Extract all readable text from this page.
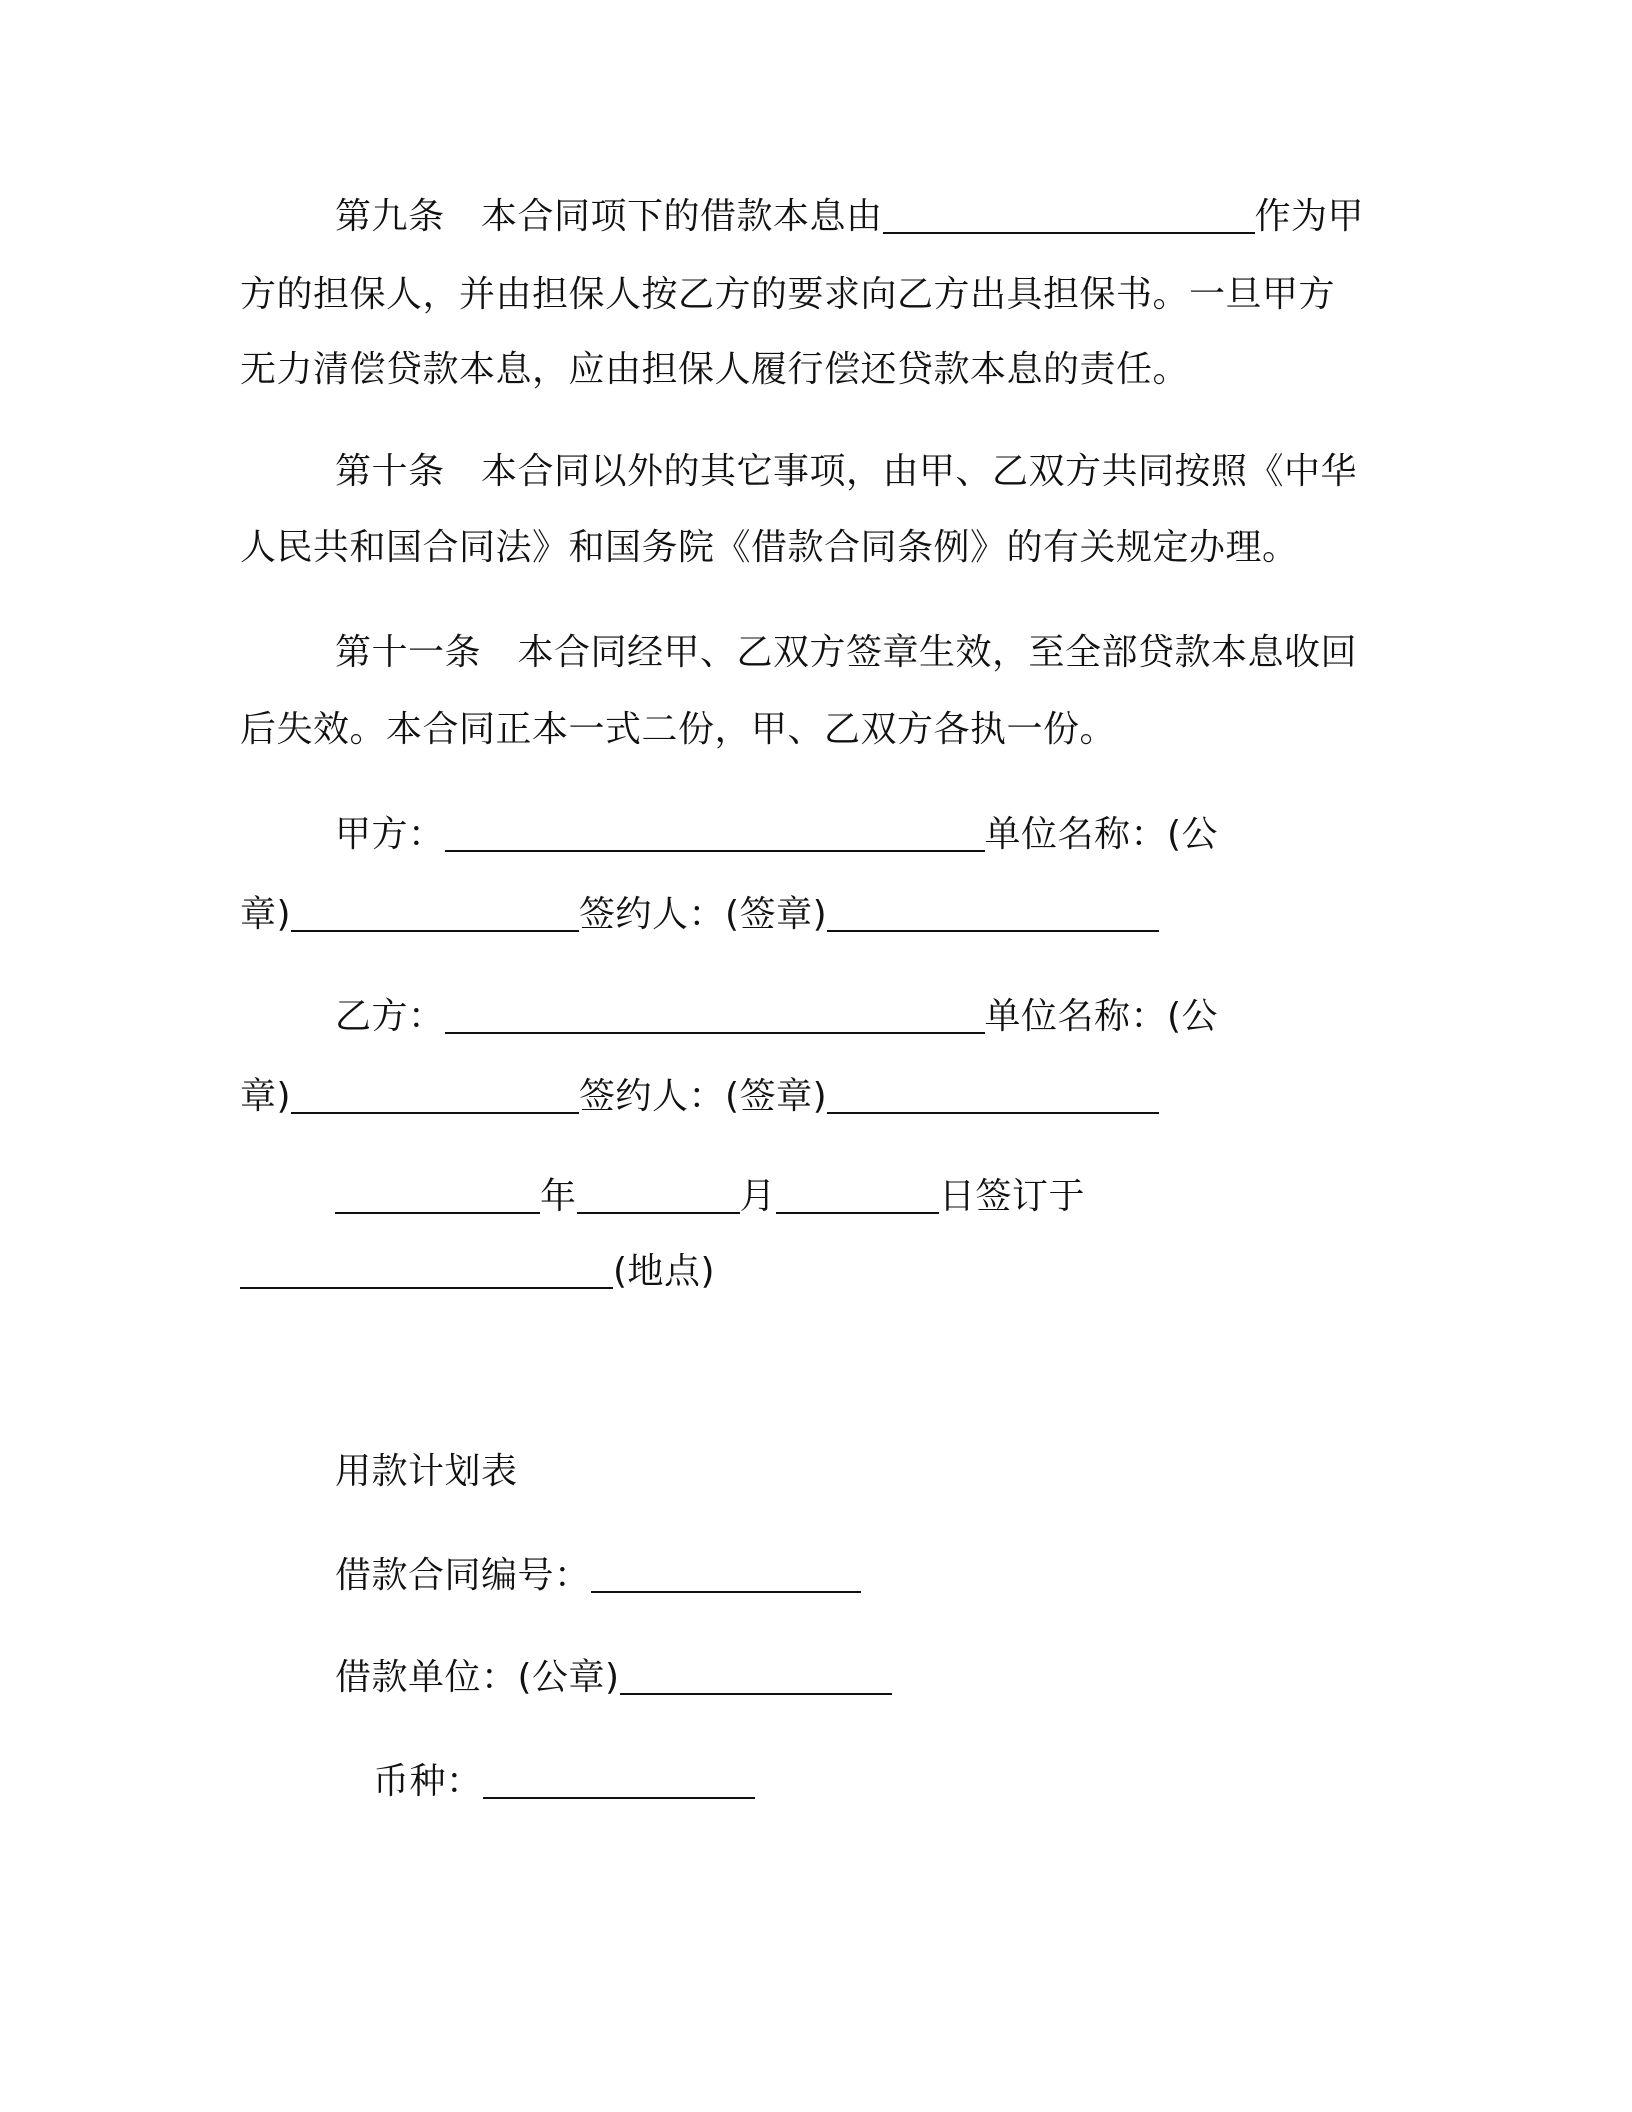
第九条　本合同项下的借款本息由	作为甲
方的担保人，并由担保人按乙方的要求向乙方出具担保书。一旦甲方
无力清偿贷款本息，应由担保人履行偿还贷款本息的责任。
第十条　本合同以外的其它事项，由甲、乙双方共同按照《中华
人民共和国合同法》和国务院《借款合同条例》的有关规定办理。
第十一条　本合同经甲、乙双方签章生效，至全部贷款本息收回
后失效。本合同正本一式二份，甲、乙双方各执一份。
甲方：	单位名称：(公
章)	签约人：(签章)
乙方：	单位名称：(公
章)	签约人：(签章)
年	月	日签订于
(地点)
用款计划表
借款合同编号：
借款单位：(公章)
币种：
